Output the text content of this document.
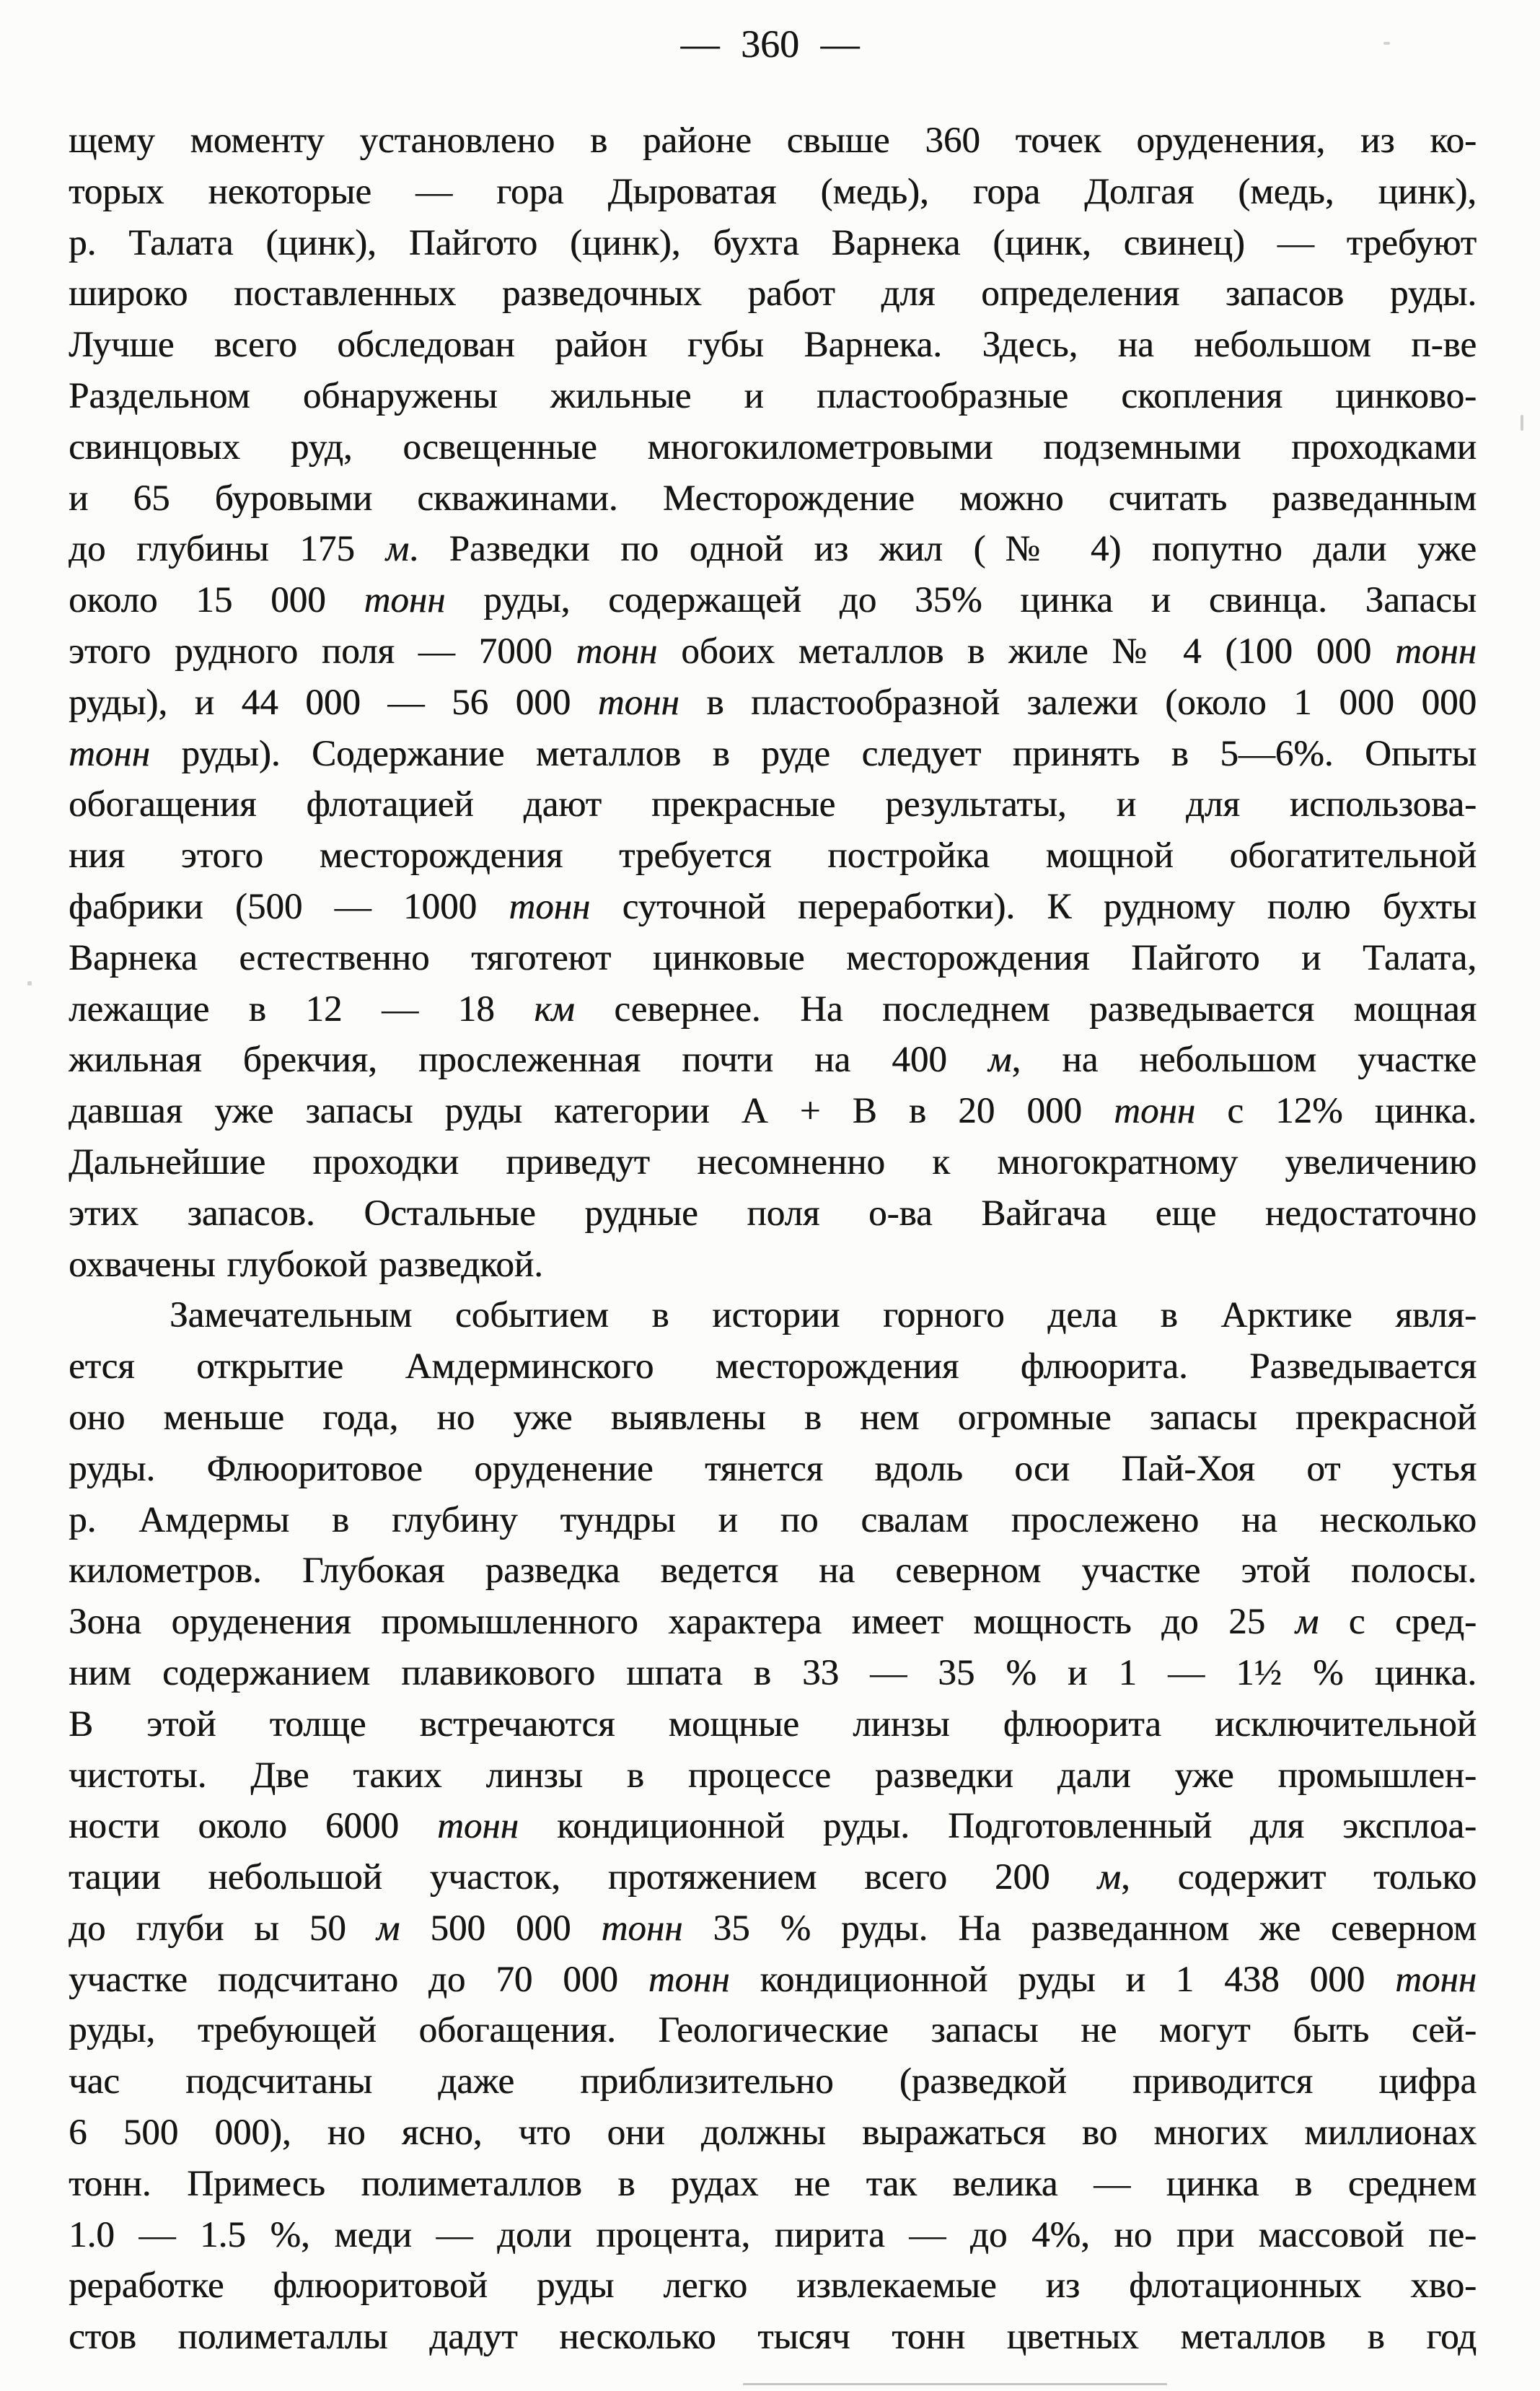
— 360 —
щему моменту установлено в районе свыше 360 точек оруденения, из ко-
торых некоторые — гора Дыроватая (медь), гора Долгая (медь, цинк),
р. Талата (цинк), Пайгото (цинк), бухта Варнека (цинк, свинец) — требуют
широко поставленных разведочных работ для определения запасов руды.
Лучше всего обследован район губы Варнека. Здесь, на небольшом п-ве
Раздельном обнаружены жильные и пластообразные скопления цинково-
свинцовых руд, освещенные многокилометровыми подземными проходками
и 65 буровыми скважинами. Месторождение можно считать разведанным
до глубины 175 м. Разведки по одной из жил (№ 4) попутно дали уже
около 15 000 тонн руды, содержащей до 35% цинка и свинца. Запасы
этого рудного поля — 7000 тонн обоих металлов в жиле № 4 (100 000 тонн
руды), и 44 000 — 56 000 тонн в пластообразной залежи (около 1 000 000
тонн руды). Содержание металлов в руде следует принять в 5—6%. Опыты
обогащения флотацией дают прекрасные результаты, и для использова-
ния этого месторождения требуется постройка мощной обогатительной
фабрики (500 — 1000 тонн суточной переработки). К рудному полю бухты
Варнека естественно тяготеют цинковые месторождения Пайгото и Талата,
лежащие в 12 — 18 км севернее. На последнем разведывается мощная
жильная брекчия, прослеженная почти на 400 м, на небольшом участке
давшая уже запасы руды категории А + В в 20 000 тонн с 12% цинка.
Дальнейшие проходки приведут несомненно к многократному увеличению
этих запасов. Остальные рудные поля о-ва Вайгача еще недостаточно
охвачены глубокой разведкой.
Замечательным событием в истории горного дела в Арктике явля-
ется открытие Амдерминского месторождения флюорита. Разведывается
оно меньше года, но уже выявлены в нем огромные запасы прекрасной
руды. Флюоритовое оруденение тянется вдоль оси Пай-Хоя от устья
р. Амдермы в глубину тундры и по свалам прослежено на несколько
километров. Глубокая разведка ведется на северном участке этой полосы.
Зона оруденения промышленного характера имеет мощность до 25 м с сред-
ним содержанием плавикового шпата в 33 — 35 % и 1 — 1½ % цинка.
В этой толще встречаются мощные линзы флюорита исключительной
чистоты. Две таких линзы в процессе разведки дали уже промышлен-
ности около 6000 тонн кондиционной руды. Подготовленный для эксплоа-
тации небольшой участок, протяжением всего 200 м, содержит только
до глуби ы 50 м 500 000 тонн 35 % руды. На разведанном же северном
участке подсчитано до 70 000 тонн кондиционной руды и 1 438 000 тонн
руды, требующей обогащения. Геологические запасы не могут быть сей-
час подсчитаны даже приблизительно (разведкой приводится цифра
6 500 000), но ясно, что они должны выражаться во многих миллионах
тонн. Примесь полиметаллов в рудах не так велика — цинка в среднем
1.0 — 1.5 %, меди — доли процента, пирита — до 4%, но при массовой пе-
реработке флюоритовой руды легко извлекаемые из флотационных хво-
стов полиметаллы дадут несколько тысяч тонн цветных металлов в год
